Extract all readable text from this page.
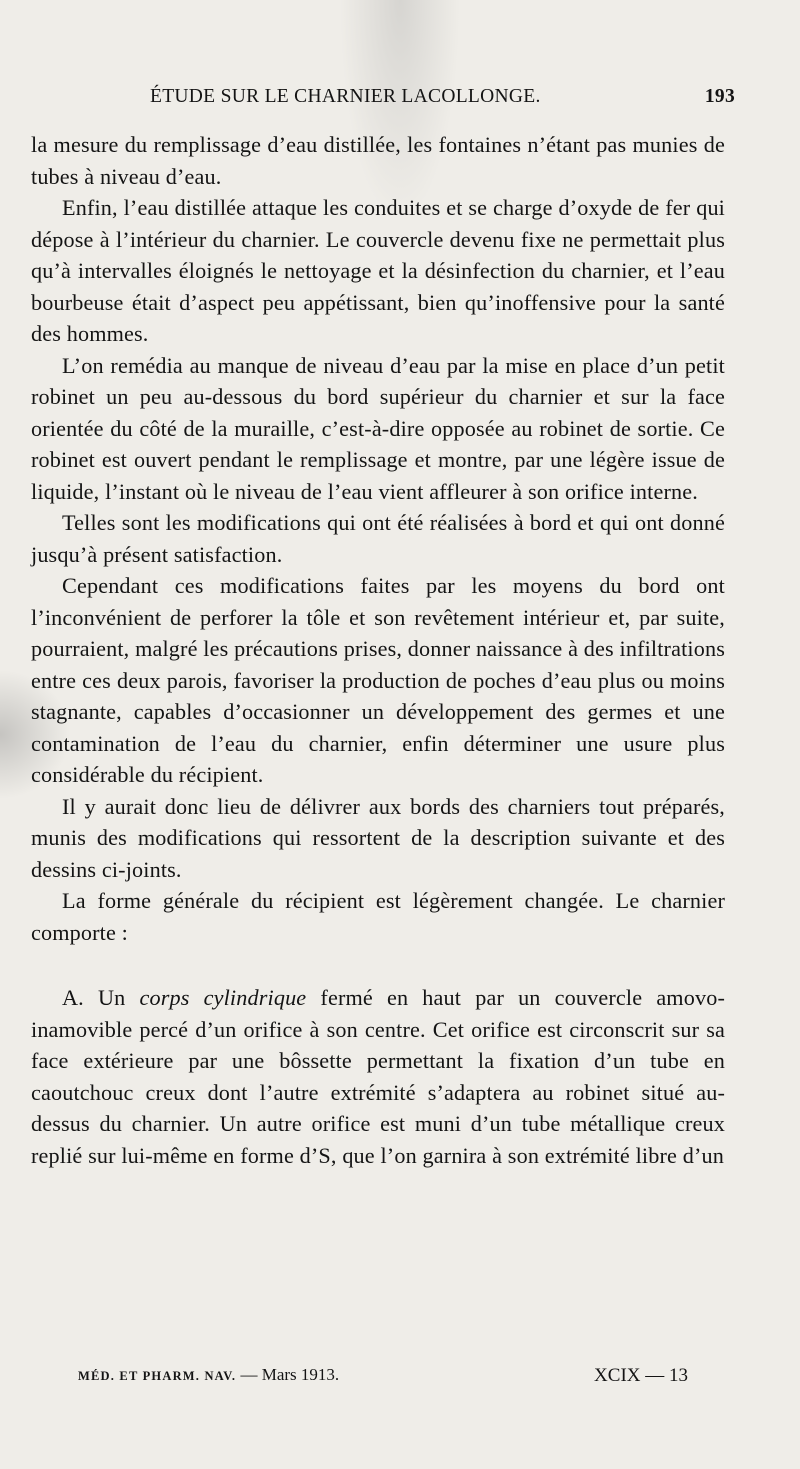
ÉTUDE SUR LE CHARNIER LACOLLONGE.	193

la mesure du remplissage d’eau distillée, les fontaines n’étant pas munies de tubes à niveau d’eau.

Enfin, l’eau distillée attaque les conduites et se charge d’oxyde de fer qui dépose à l’intérieur du charnier. Le couvercle devenu fixe ne permettait plus qu’à intervalles éloignés le nettoyage et la désinfection du charnier, et l’eau bourbeuse était d’aspect peu appétissant, bien qu’inoffensive pour la santé des hommes.

L’on remédia au manque de niveau d’eau par la mise en place d’un petit robinet un peu au-dessous du bord supérieur du charnier et sur la face orientée du côté de la muraille, c’est-à-dire opposée au robinet de sortie. Ce robinet est ouvert pendant le remplissage et montre, par une légère issue de liquide, l’instant où le niveau de l’eau vient affleurer à son orifice interne.

Telles sont les modifications qui ont été réalisées à bord et qui ont donné jusqu’à présent satisfaction.

Cependant ces modifications faites par les moyens du bord ont l’inconvénient de perforer la tôle et son revêtement intérieur et, par suite, pourraient, malgré les précautions prises, donner naissance à des infiltrations entre ces deux parois, favoriser la production de poches d’eau plus ou moins stagnante, capables d’occasionner un développement des germes et une contamination de l’eau du charnier, enfin déterminer une usure plus considérable du récipient.

Il y aurait donc lieu de délivrer aux bords des charniers tout préparés, munis des modifications qui ressortent de la description suivante et des dessins ci-joints.

La forme générale du récipient est légèrement changée. Le charnier comporte :

A. Un corps cylindrique fermé en haut par un couvercle amovo-inamovible percé d’un orifice à son centre. Cet orifice est circonscrit sur sa face extérieure par une bôssette permettant la fixation d’un tube en caoutchouc creux dont l’autre extrémité s’adaptera au robinet situé au-dessus du charnier. Un autre orifice est muni d’un tube métallique creux replié sur lui-même en forme d’S, que l’on garnira à son extrémité libre d’un

MÉD. ET PHARM. NAV. — Mars 1913.	XCIX — 13
